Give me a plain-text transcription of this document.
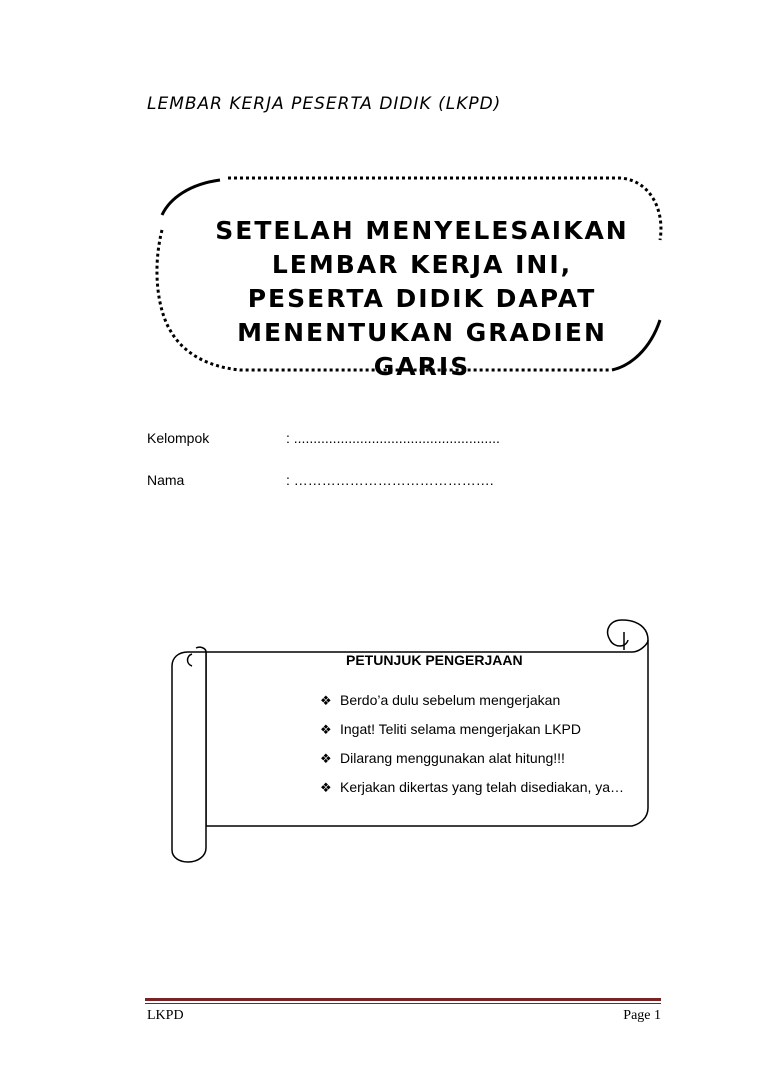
LEMBAR KERJA PESERTA DIDIK (LKPD)
SETELAH MENYELESAIKAN LEMBAR KERJA INI, PESERTA DIDIK DAPAT MENENTUKAN GRADIEN GARIS
Kelompok	: .....................................................
Nama	: …………………………………….
PETUNJUK PENGERJAAN
❖ Berdo’a dulu sebelum mengerjakan
❖ Ingat! Teliti selama mengerjakan LKPD
❖ Dilarang menggunakan alat hitung!!!
❖ Kerjakan dikertas yang telah disediakan, ya…
LKPD	Page 1
